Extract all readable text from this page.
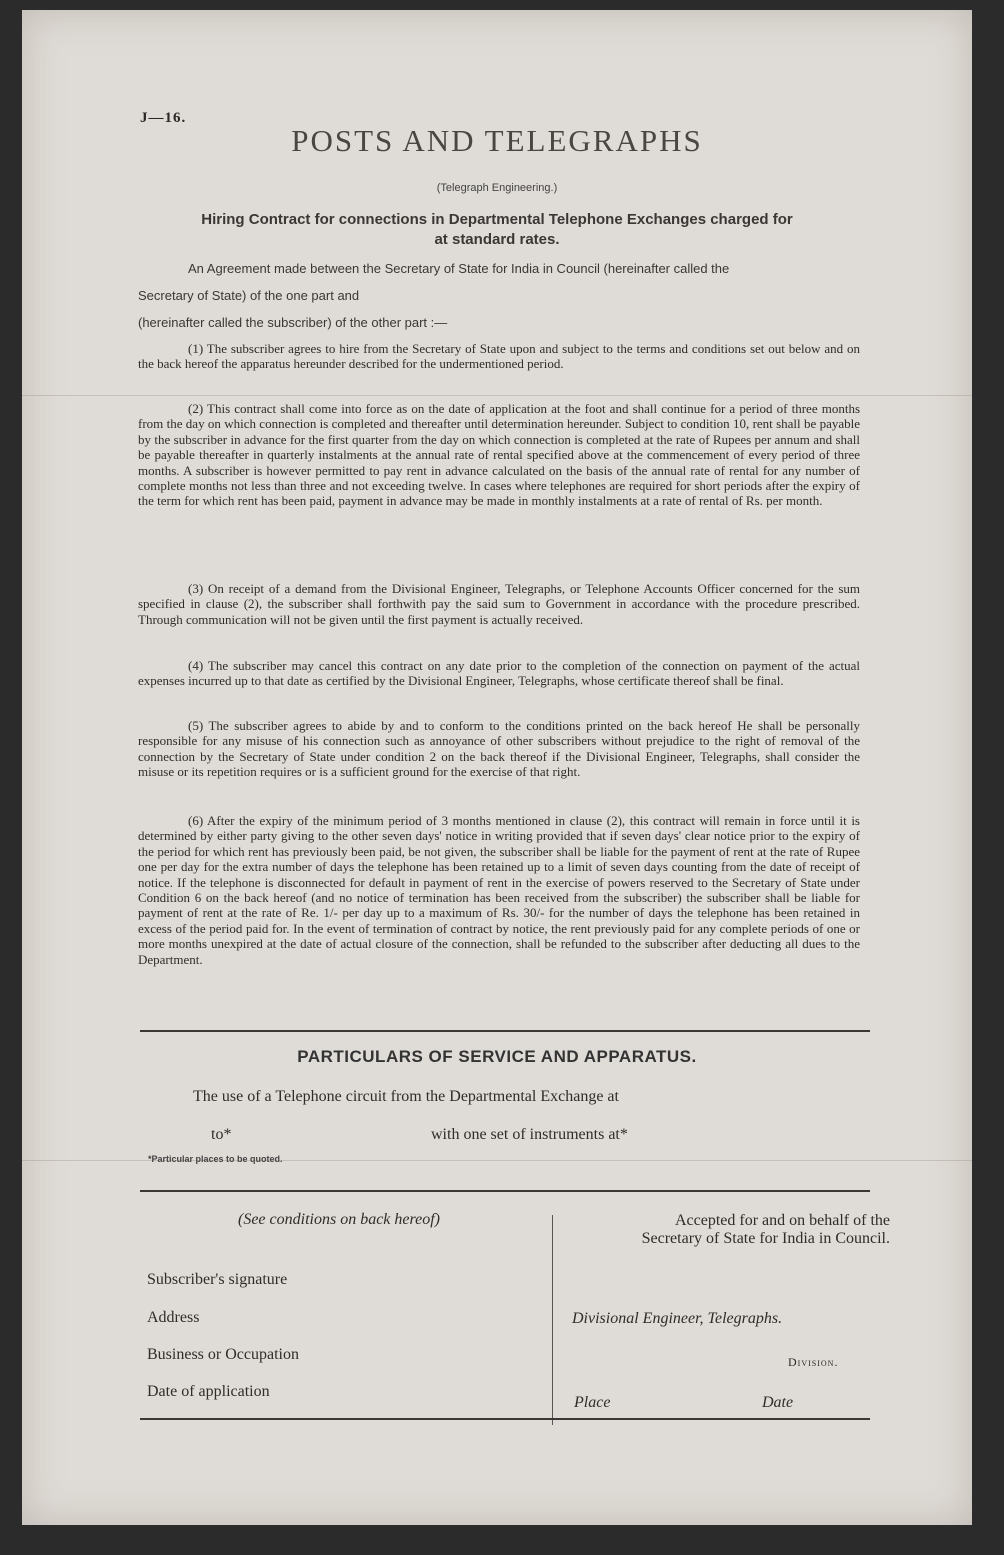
J—16.
POSTS AND TELEGRAPHS
(Telegraph Engineering.)
Hiring Contract for connections in Departmental Telephone Exchanges charged for
at standard rates.
An Agreement made between the Secretary of State for India in Council (hereinafter called the
Secretary of State) of the one part and
(hereinafter called the subscriber) of the other part :—
(1) The subscriber agrees to hire from the Secretary of State upon and subject to the terms and conditions set out below and on the back hereof the apparatus hereunder described for the undermentioned period.
(2) This contract shall come into force as on the date of application at the foot and shall continue for a period of three months from the day on which connection is completed and thereafter until determination hereunder. Subject to condition 10, rent shall be payable by the subscriber in advance for the first quarter from the day on which connection is completed at the rate of Rupees per annum and shall be payable thereafter in quarterly instalments at the annual rate of rental specified above at the commencement of every period of three months. A subscriber is however permitted to pay rent in advance calculated on the basis of the annual rate of rental for any number of complete months not less than three and not exceeding twelve. In cases where telephones are required for short periods after the expiry of the term for which rent has been paid, payment in advance may be made in monthly instalments at a rate of rental of Rs. per month.
(3) On receipt of a demand from the Divisional Engineer, Telegraphs, or Telephone Accounts Officer concerned for the sum specified in clause (2), the subscriber shall forthwith pay the said sum to Government in accordance with the procedure prescribed. Through communication will not be given until the first payment is actually received.
(4) The subscriber may cancel this contract on any date prior to the completion of the connection on payment of the actual expenses incurred up to that date as certified by the Divisional Engineer, Telegraphs, whose certificate thereof shall be final.
(5) The subscriber agrees to abide by and to conform to the conditions printed on the back hereof He shall be personally responsible for any misuse of his connection such as annoyance of other subscribers without prejudice to the right of removal of the connection by the Secretary of State under condition 2 on the back thereof if the Divisional Engineer, Telegraphs, shall consider the misuse or its repetition requires or is a sufficient ground for the exercise of that right.
(6) After the expiry of the minimum period of 3 months mentioned in clause (2), this contract will remain in force until it is determined by either party giving to the other seven days' notice in writing provided that if seven days' clear notice prior to the expiry of the period for which rent has previously been paid, be not given, the subscriber shall be liable for the payment of rent at the rate of Rupee one per day for the extra number of days the telephone has been retained up to a limit of seven days counting from the date of receipt of notice. If the telephone is disconnected for default in payment of rent in the exercise of powers reserved to the Secretary of State under Condition 6 on the back hereof (and no notice of termination has been received from the subscriber) the subscriber shall be liable for payment of rent at the rate of Re. 1/- per day up to a maximum of Rs. 30/- for the number of days the telephone has been retained in excess of the period paid for. In the event of termination of contract by notice, the rent previously paid for any complete periods of one or more months unexpired at the date of actual closure of the connection, shall be refunded to the subscriber after deducting all dues to the Department.
PARTICULARS OF SERVICE AND APPARATUS.
The use of a Telephone circuit from the Departmental Exchange at
to*	with one set of instruments at*
*Particular places to be quoted.
(See conditions on back hereof)	Accepted for and on behalf of the
Secretary of State for India in Council.
Subscriber's signature
Address
Business or Occupation
Date of application
Divisional Engineer, Telegraphs.
Division.
Place	Date
